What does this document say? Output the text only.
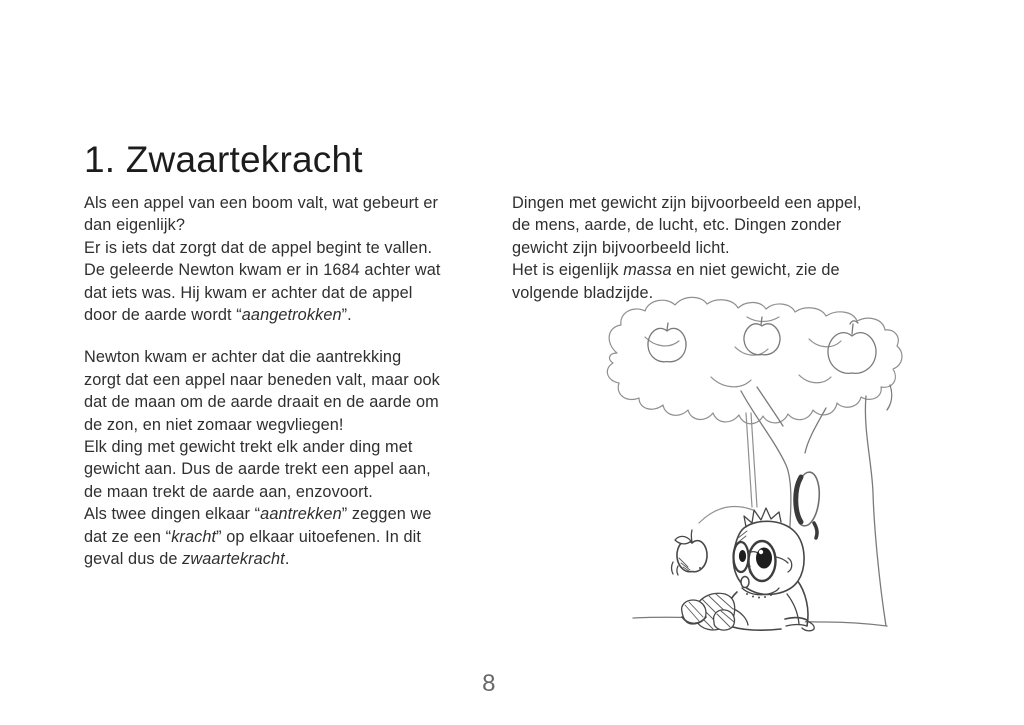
1. Zwaartekracht

Als een appel van een boom valt, wat gebeurt er
dan eigenlijk?
Er is iets dat zorgt dat de appel begint te vallen.
De geleerde Newton kwam er in 1684 achter wat
dat iets was. Hij kwam er achter dat de appel
door de aarde wordt “aangetrokken”.

Newton kwam er achter dat die aantrekking
zorgt dat een appel naar beneden valt, maar ook
dat de maan om de aarde draait en de aarde om
de zon, en niet zomaar wegvliegen!
Elk ding met gewicht trekt elk ander ding met
gewicht aan. Dus de aarde trekt een appel aan,
de maan trekt de aarde aan, enzovoort.
Als twee dingen elkaar “aantrekken” zeggen we
dat ze een “kracht” op elkaar uitoefenen. In dit
geval dus de zwaartekracht.

Dingen met gewicht zijn bijvoorbeeld een appel,
de mens, aarde, de lucht, etc. Dingen zonder
gewicht zijn bijvoorbeeld licht.
Het is eigenlijk massa en niet gewicht, zie de
volgende bladzijde.

8
